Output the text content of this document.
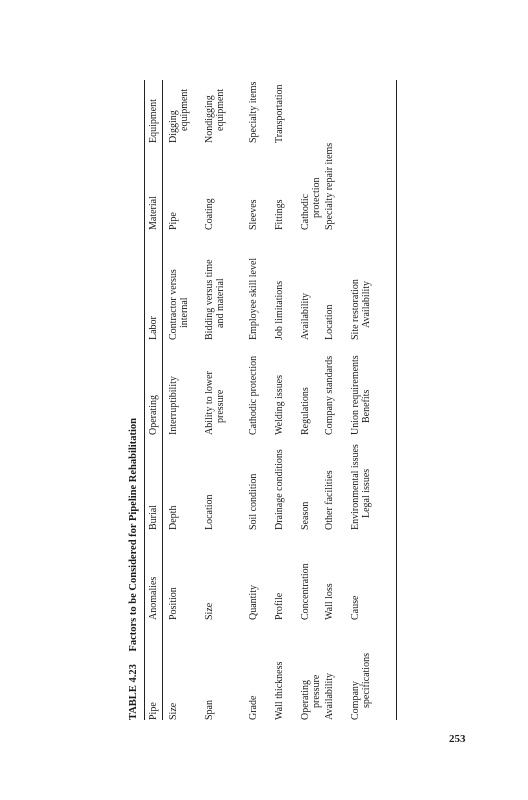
TABLE 4.23 Factors to be Considered for Pipeline Rehabilitation
Pipe
Anomalies
Burial
Operating
Labor
Material
Equipment
Size
Position
Depth
Interruptibility
Contractor versus internal
Pipe
Digging equipment
Span
Size
Location
Ability to lower pressure
Bidding versus time and material
Coating
Nondigging equipment
Grade
Quantity
Soil condition
Cathodic protection
Employee skill level
Sleeves
Specialty items
Wall thickness
Profile
Drainage conditions
Welding issues
Job limitations
Fittings
Transportation
Operating pressure
Concentration
Season
Regulations
Availability
Cathodic protection
Availability
Wall loss
Other facilities
Company standards
Location
Specialty repair items
Company specifications
Cause
Environmental issues Legal issues
Union requirements Benefits
Site restoration Availability
253
